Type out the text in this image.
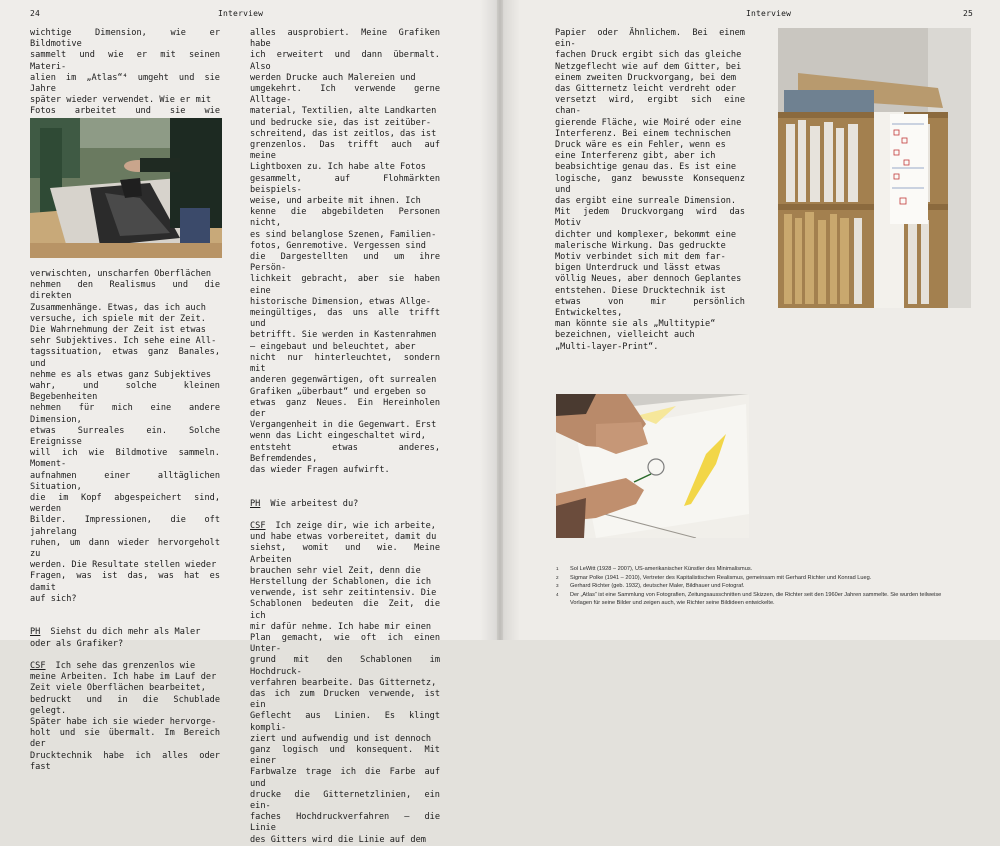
24	Interview

wichtige Dimension, wie er Bildmotive
sammelt und wie er mit seinen Materi-
alien im „Atlas“⁴ umgeht und sie Jahre
später wieder verwendet. Wie er mit
Fotos arbeitet und sie wie

verwischten, unscharfen Oberflächen
nehmen den Realismus und die direkten
Zusammenhänge. Etwas, das ich auch
versuche, ich spiele mit der Zeit.
Die Wahrnehmung der Zeit ist etwas
sehr Subjektives. Ich sehe eine All-
tagssituation, etwas ganz Banales, und
nehme es als etwas ganz Subjektives
wahr, und solche kleinen Begebenheiten
nehmen für mich eine andere Dimension,
etwas Surreales ein. Solche Ereignisse
will ich wie Bildmotive sammeln. Moment-
aufnahmen einer alltäglichen Situation,
die im Kopf abgespeichert sind, werden
Bilder. Impressionen, die oft jahrelang
ruhen, um dann wieder hervorgeholt zu
werden. Die Resultate stellen wieder
Fragen, was ist das, was hat es damit
auf sich?

PH Siehst du dich mehr als Maler
oder als Grafiker?

CSF Ich sehe das grenzenlos wie
meine Arbeiten. Ich habe im Lauf der
Zeit viele Oberflächen bearbeitet,
bedruckt und in die Schublade gelegt.
Später habe ich sie wieder hervorge-
holt und sie übermalt. Im Bereich der
Drucktechnik habe ich alles oder fast

alles ausprobiert. Meine Grafiken habe
ich erweitert und dann übermalt. Also
werden Drucke auch Malereien und
umgekehrt. Ich verwende gerne Alltage-
material, Textilien, alte Landkarten
und bedrucke sie, das ist zeitüber-
schreitend, das ist zeitlos, das ist
grenzenlos. Das trifft auch auf meine
Lightboxen zu. Ich habe alte Fotos
gesammelt, auf Flohmärkten beispiels-
weise, und arbeite mit ihnen. Ich
kenne die abgebildeten Personen nicht,
es sind belanglose Szenen, Familien-
fotos, Genremotive. Vergessen sind
die Dargestellten und um ihre Persön-
lichkeit gebracht, aber sie haben eine
historische Dimension, etwas Allge-
meingültiges, das uns alle trifft und
betrifft. Sie werden in Kastenrahmen
– eingebaut und beleuchtet, aber
nicht nur hinterleuchtet, sondern mit
anderen gegenwärtigen, oft surrealen
Grafiken „überbaut“ und ergeben so
etwas ganz Neues. Ein Hereinholen der
Vergangenheit in die Gegenwart. Erst
wenn das Licht eingeschaltet wird,
entsteht etwas anderes, Befremdendes,
das wieder Fragen aufwirft.

PH Wie arbeitest du?

CSF Ich zeige dir, wie ich arbeite,
und habe etwas vorbereitet, damit du
siehst, womit und wie. Meine Arbeiten
brauchen sehr viel Zeit, denn die
Herstellung der Schablonen, die ich
verwende, ist sehr zeitintensiv. Die
Schablonen bedeuten die Zeit, die ich
mir dafür nehme. Ich habe mir einen
Plan gemacht, wie oft ich einen Unter-
grund mit den Schablonen im Hochdruck-
verfahren bearbeite. Das Gitternetz,
das ich zum Drucken verwende, ist ein
Geflecht aus Linien. Es klingt kompli-
ziert und aufwendig und ist dennoch
ganz logisch und konsequent. Mit einer
Farbwalze trage ich die Farbe auf und
drucke die Gitternetzlinien, ein ein-
faches Hochdruckverfahren – die Linie
des Gitters wird die Linie auf dem

Interview	25

Papier oder Ähnlichem. Bei einem ein-
fachen Druck ergibt sich das gleiche
Netzgeflecht wie auf dem Gitter, bei
einem zweiten Druckvorgang, bei dem
das Gitternetz leicht verdreht oder
versetzt wird, ergibt sich eine chan-
gierende Fläche, wie Moiré oder eine
Interferenz. Bei einem technischen
Druck wäre es ein Fehler, wenn es
eine Interferenz gibt, aber ich
beabsichtige genau das. Es ist eine
logische, ganz bewusste Konsequenz und
das ergibt eine surreale Dimension.
Mit jedem Druckvorgang wird das Motiv
dichter und komplexer, bekommt eine
malerische Wirkung. Das gedruckte
Motiv verbindet sich mit dem far-
bigen Unterdruck und lässt etwas
völlig Neues, aber dennoch Geplantes
entstehen. Diese Drucktechnik ist
etwas von mir persönlich Entwickeltes,
man könnte sie als „Multitypie“
bezeichnen, vielleicht auch
„Multi-layer-Print“.

1	Sol LeWitt (1928 – 2007), US-amerikanischer Künstler des Minimalismus.
2	Sigmar Polke (1941 – 2010), Vertreter des Kapitalistischen Realismus, gemeinsam mit Gerhard Richter und Konrad Lueg.
3	Gerhard Richter (geb. 1932), deutscher Maler, Bildhauer und Fotograf.
4	Der „Atlas“ ist eine Sammlung von Fotografien, Zeitungsausschnitten und Skizzen, die Richter seit den 1960er Jahren sammelte. Sie wurden teilweise Vorlagen für seine Bilder und zeigen auch, wie Richter seine Bildideen entwickelte.
